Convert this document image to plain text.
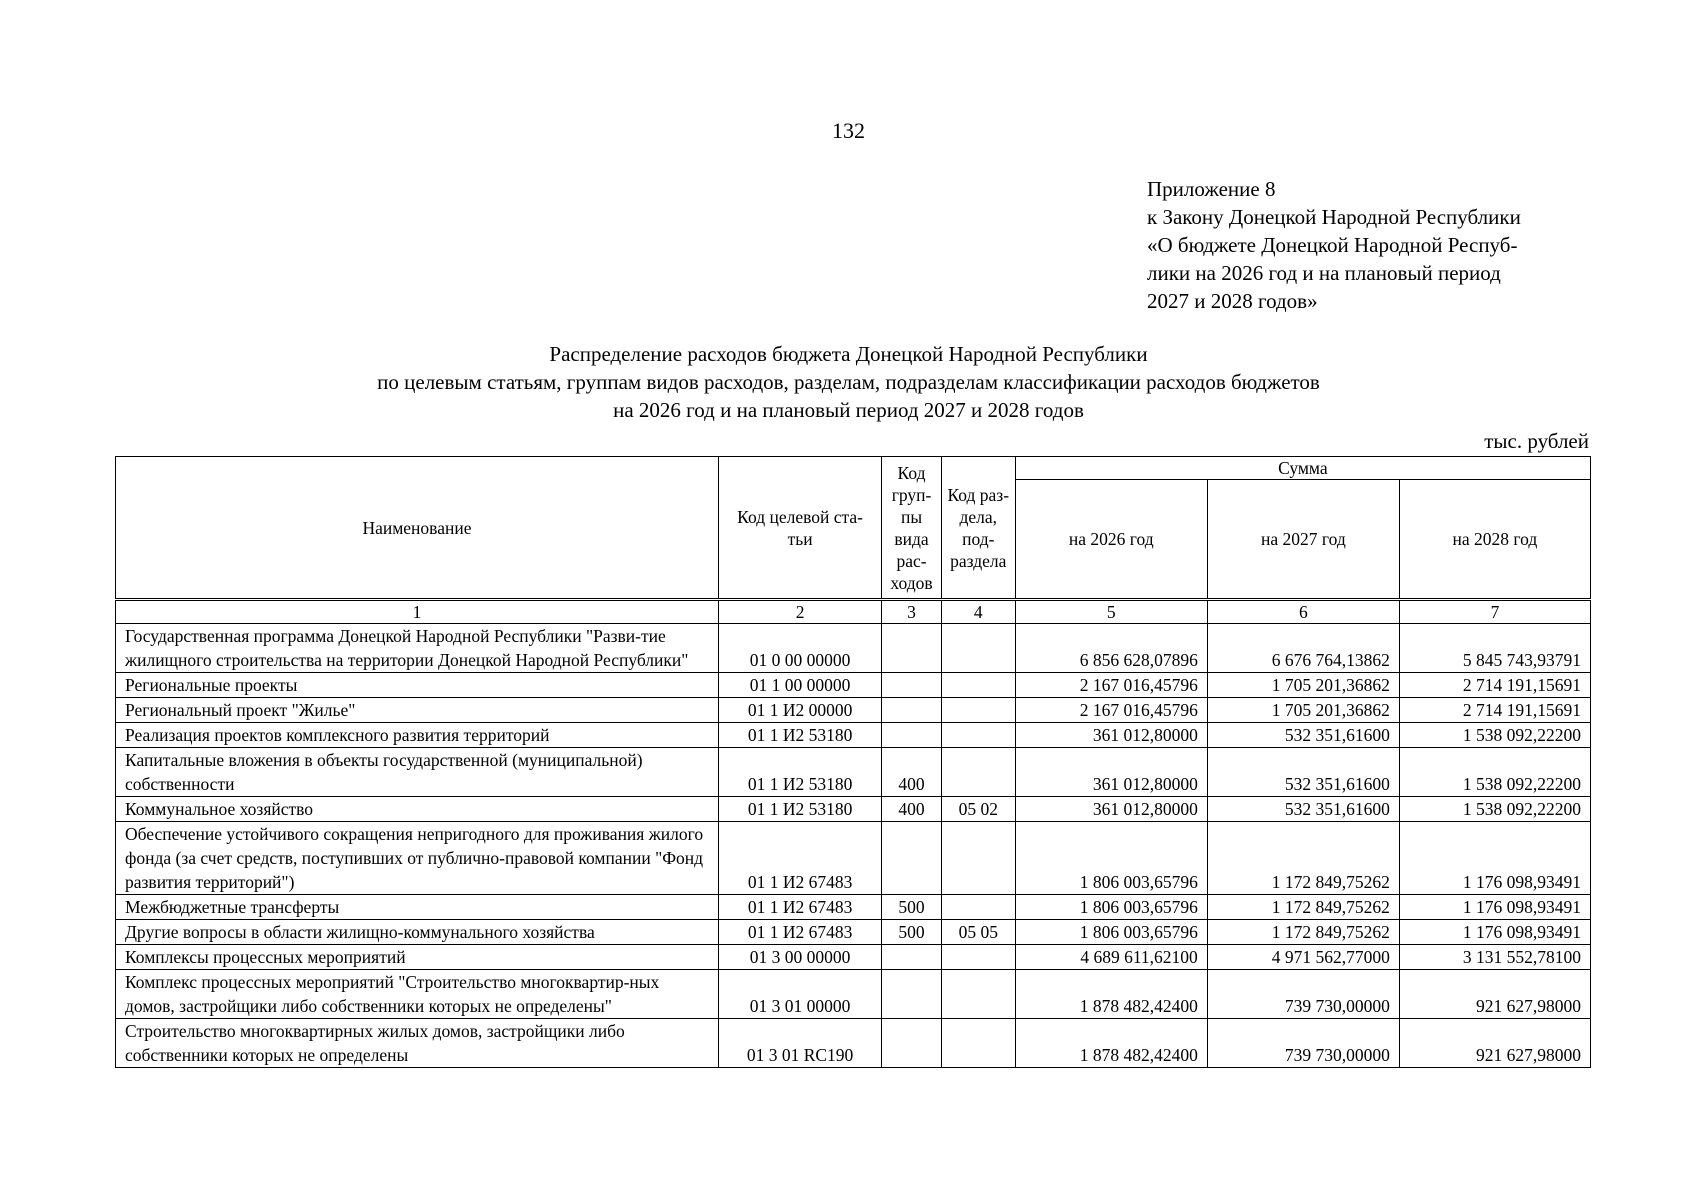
132
Приложение 8
к Закону Донецкой Народной Республики
«О бюджете Донецкой Народной Респуб-
лики на 2026 год и на плановый период
2027 и 2028 годов»
Распределение расходов бюджета Донецкой Народной Республики
по целевым статьям, группам видов расходов, разделам, подразделам классификации расходов бюджетов
на 2026 год и на плановый период 2027 и 2028 годов
тыс. рублей
Наименование	Код целевой ста-тьи	Код груп-пы вида рас-ходов	Код раз-дела, под-раздела	Сумма		
				на 2026 год	на 2027 год	на 2028 год
1	2	3	4	5	6	7
Государственная программа Донецкой Народной Республики "Разви-тие жилищного строительства на территории Донецкой Народной Республики"	01 0 00 00000			6 856 628,07896	6 676 764,13862	5 845 743,93791
Региональные проекты	01 1 00 00000			2 167 016,45796	1 705 201,36862	2 714 191,15691
Региональный проект "Жилье"	01 1 И2 00000			2 167 016,45796	1 705 201,36862	2 714 191,15691
Реализация проектов комплексного развития территорий	01 1 И2 53180			361 012,80000	532 351,61600	1 538 092,22200
Капитальные вложения в объекты государственной (муниципальной) собственности	01 1 И2 53180	400		361 012,80000	532 351,61600	1 538 092,22200
Коммунальное хозяйство	01 1 И2 53180	400	05 02	361 012,80000	532 351,61600	1 538 092,22200
Обеспечение устойчивого сокращения непригодного для проживания жилого фонда (за счет средств, поступивших от публично-правовой компании "Фонд развития территорий")	01 1 И2 67483			1 806 003,65796	1 172 849,75262	1 176 098,93491
Межбюджетные трансферты	01 1 И2 67483	500		1 806 003,65796	1 172 849,75262	1 176 098,93491
Другие вопросы в области жилищно-коммунального хозяйства	01 1 И2 67483	500	05 05	1 806 003,65796	1 172 849,75262	1 176 098,93491
Комплексы процессных мероприятий	01 3 00 00000			4 689 611,62100	4 971 562,77000	3 131 552,78100
Комплекс процессных мероприятий "Строительство многоквартир-ных домов, застройщики либо собственники которых не определены"	01 3 01 00000			1 878 482,42400	739 730,00000	921 627,98000
Строительство многоквартирных жилых домов, застройщики либо собственники которых не определены	01 3 01 RC190			1 878 482,42400	739 730,00000	921 627,98000
